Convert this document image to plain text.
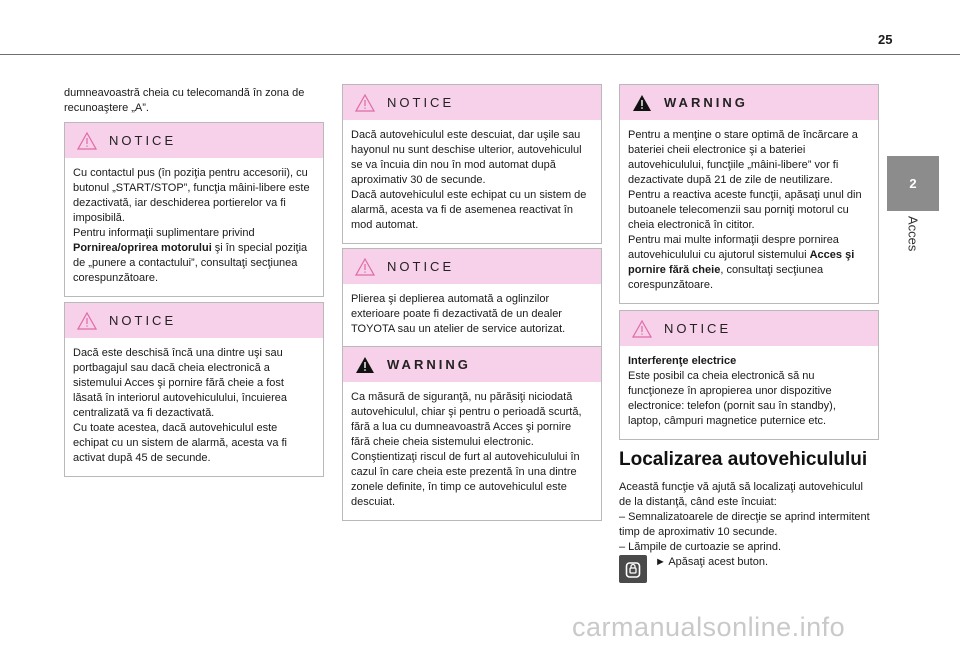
25
2
Acces

dumneavoastră cheia cu telecomandă în zona de recunoaştere „A”.

NOTICE
Cu contactul pus (în poziţia pentru accesorii), cu butonul „START/STOP”, funcţia mâini-libere este dezactivată, iar deschiderea portierelor va fi imposibilă.
Pentru informaţii suplimentare privind Pornirea/oprirea motorului şi în special poziţia de „punere a contactului”, consultaţi secţiunea corespunzătoare.
NOTICE
Dacă este deschisă încă una dintre uşi sau portbagajul sau dacă cheia electronică a sistemului Acces şi pornire fără cheie a fost lăsată în interiorul autovehiculului, încuierea centralizată va fi dezactivată.
Cu toate acestea, dacă autovehiculul este echipat cu un sistem de alarmă, acesta va fi activat după 45 de secunde.
NOTICE
Dacă autovehiculul este descuiat, dar uşile sau hayonul nu sunt deschise ulterior, autovehiculul se va încuia din nou în mod automat după aproximativ 30 de secunde.
Dacă autovehiculul este echipat cu un sistem de alarmă, acesta va fi de asemenea reactivat în mod automat.
NOTICE
Plierea şi deplierea automată a oglinzilor exterioare poate fi dezactivată de un dealer TOYOTA sau un atelier de service autorizat.
WARNING
Ca măsură de siguranţă, nu părăsiţi niciodată autovehiculul, chiar şi pentru o perioadă scurtă, fără a lua cu dumneavoastră Acces şi pornire fără cheie cheia sistemului electronic.
Conştientizaţi riscul de furt al autovehiculului în cazul în care cheia este prezentă în una dintre zonele definite, în timp ce autovehiculul este descuiat.
WARNING
Pentru a menţine o stare optimă de încărcare a bateriei cheii electronice şi a bateriei autovehiculului, funcţiile „mâini-libere” vor fi dezactivate după 21 de zile de neutilizare.
Pentru a reactiva aceste funcţii, apăsaţi unul din butoanele telecomenzii sau porniţi motorul cu cheia electronică în cititor.
Pentru mai multe informaţii despre pornirea autovehiculului cu ajutorul sistemului Acces şi pornire fără cheie, consultaţi secţiunea corespunzătoare.
NOTICE
Interferenţe electrice
Este posibil ca cheia electronică să nu funcţioneze în apropierea unor dispozitive electronice: telefon (pornit sau în standby), laptop, câmpuri magnetice puternice etc.
Localizarea autovehiculului

Această funcţie vă ajută să localizaţi autovehiculul de la distanţă, când este încuiat:

– Semnalizatoarele de direcţie se aprind intermitent timp de aproximativ 10 secunde.

– Lămpile de curtoazie se aprind.

► Apăsaţi acest buton.

carmanualsonline.info
